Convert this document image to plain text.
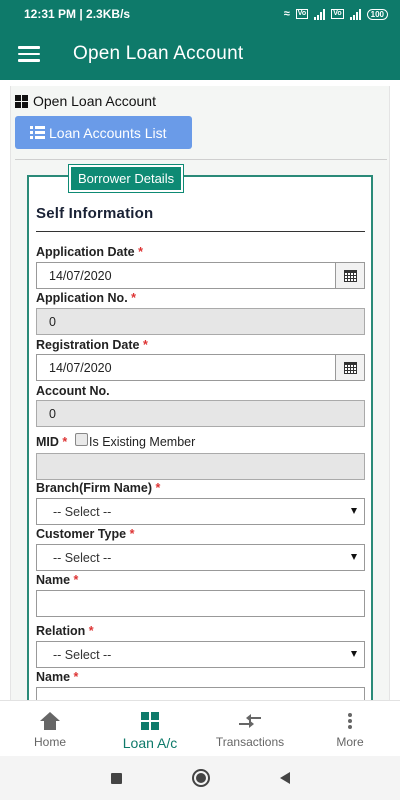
12:31 PM | 2.3KB/s	≈ Vo	Vo	100
Open Loan Account
Open Loan Account
Loan Accounts List
Borrower Details
Self Information
Application Date *
14/07/2020
Application No. *
0
Registration Date *
14/07/2020
Account No.
0
MID * Is Existing Member
Branch(Firm Name) *
-- Select --
Customer Type *
-- Select --
Name *
Relation *
-- Select --
Name *
Home	Loan A/c	Transactions	More
